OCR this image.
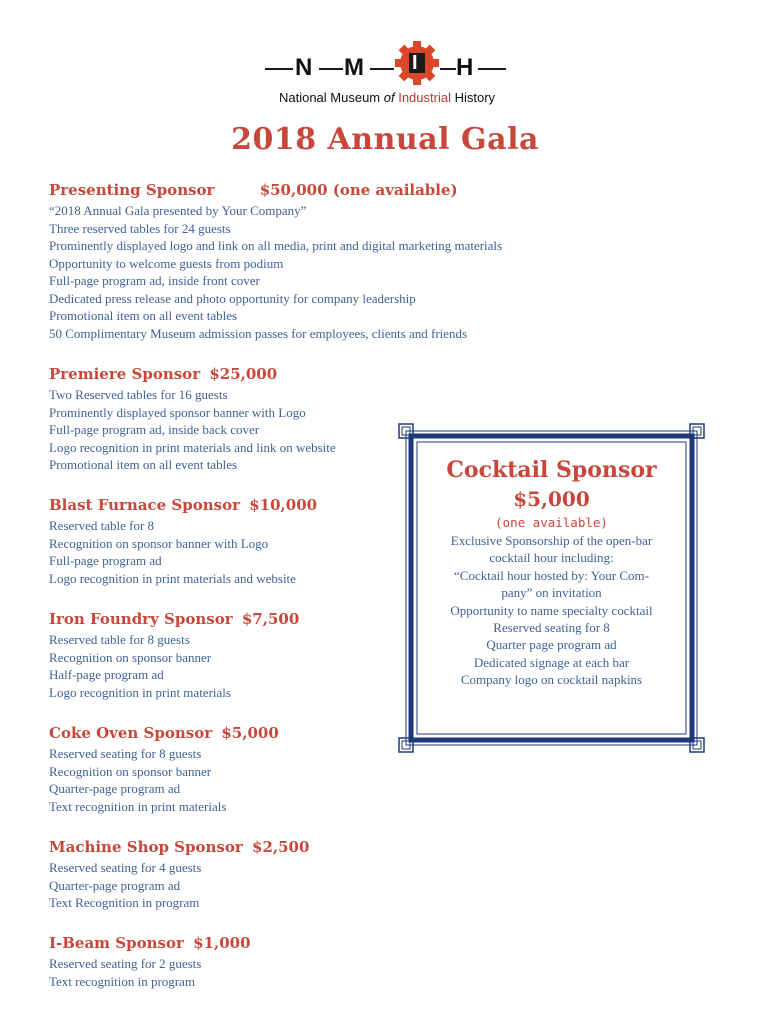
N M I H
National Museum of Industrial History
2018 Annual Gala
Presenting Sponsor	$50,000 (one available)
“2018 Annual Gala presented by Your Company”
Three reserved tables for 24 guests
Prominently displayed logo and link on all media, print and digital marketing materials
Opportunity to welcome guests from podium
Full-page program ad, inside front cover
Dedicated press release and photo opportunity for company leadership
Promotional item on all event tables
50 Complimentary Museum admission passes for employees, clients and friends
Premiere Sponsor $25,000
Two Reserved tables for 16 guests
Prominently displayed sponsor banner with Logo
Full-page program ad, inside back cover
Logo recognition in print materials and link on website
Promotional item on all event tables
Blast Furnace Sponsor $10,000
Reserved table for 8
Recognition on sponsor banner with Logo
Full-page program ad
Logo recognition in print materials and website
Iron Foundry Sponsor $7,500
Reserved table for 8 guests
Recognition on sponsor banner
Half-page program ad
Logo recognition in print materials
Coke Oven Sponsor $5,000
Reserved seating for 8 guests
Recognition on sponsor banner
Quarter-page program ad
Text recognition in print materials
Machine Shop Sponsor $2,500
Reserved seating for 4 guests
Quarter-page program ad
Text Recognition in program
I-Beam Sponsor $1,000
Reserved seating for 2 guests
Text recognition in program
Cocktail Sponsor
$5,000
(one available)
Exclusive Sponsorship of the open-bar
cocktail hour including:
“Cocktail hour hosted by: Your Com-
pany” on invitation
Opportunity to name specialty cocktail
Reserved seating for 8
Quarter page program ad
Dedicated signage at each bar
Company logo on cocktail napkins
